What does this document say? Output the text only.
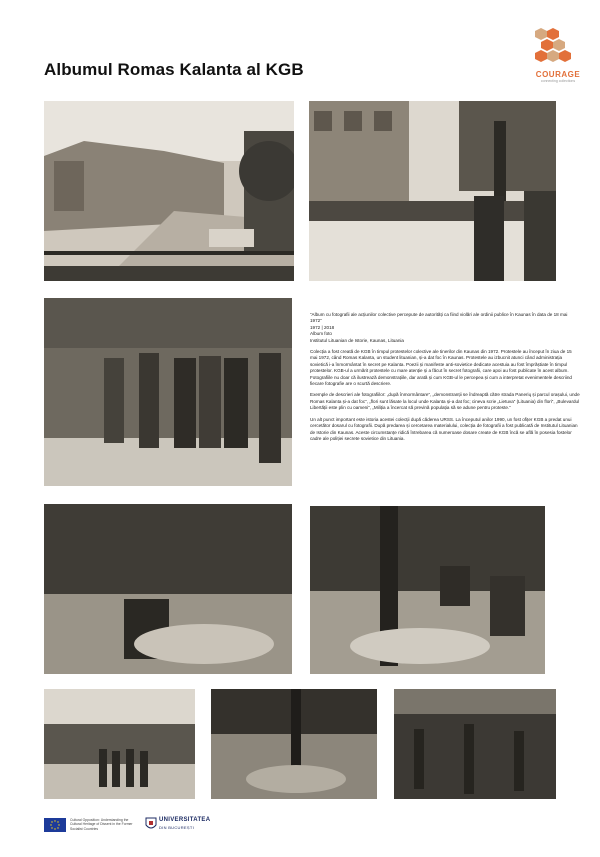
Albumul Romas Kalanta al KGB	COURAGE
connecting collections

“Album cu fotografii ale acțiunilor colective percepute de autorități ca fiind violări ale ordinii publice în Kaunas în data de 18 mai 1972”
1972 | 2018
Album foto
Institutul Lituanian de Istorie, Kaunas, Lituania

Colecția a fost creată de KGB în timpul protestelor colective ale tinerilor din Kaunas din 1972. Protestele au început în ziua de 15 mai 1972, când Romas Kalanta, un student lituanian, și-a dat foc în Kaunas. Protestele au izbucnit atunci când administrația sovietică i-a înmormântat în secret pe Kalanta. Poezii și manifeste anti-sovietice dedicate acestuia au fost împrăștiate în timpul protestelor. KGB-ul a urmărit protestele cu mare atenție și a făcut în secret fotografii, care apoi au fost publicate în acest album. Fotografiile nu doar că ilustrează demonstrațiile, dar arată și cum KGB-ul le percepea și cum a interpretat evenimentele descriind fiecare fotografie are o scurtă descriere.

Exemple de descrieri ale fotografiilor: „după înmormântare”, „demonstranții se îndreaptă către strada Panerių și parcul orașului, unde Romas Kalanta și-a dat foc”, „flori sunt lăsate la locul unde Kalanta și-a dat foc; cineva scrie „Lietuva” (Lituania) din flori”, „Bulevardul Libertății este plin cu oameni”, „Miliția a încercat să prevină populația să se adune pentru proteste.”

Un alt punct important este istoria acestei colecții după căderea URSS. La începutul anilor 1990, un fost ofițer KGB a predat unui cercetător dosarul cu fotografii. După predarea și cercetarea materialului, colecția de fotografii a fost publicată de Institutul Lituanian de Istorie din Kaunas. Aceste circumstanțe ridică întrebarea că numeroase dosare create de KGB încă se află în posesia fostelor cadre ale poliției secrete sovietice din Lituania.

Cultural Opposition: Understanding the Cultural Heritage of Dissent in the Former Socialist Countries
UNIVERSITATEA
DIN BUCUREȘTI
